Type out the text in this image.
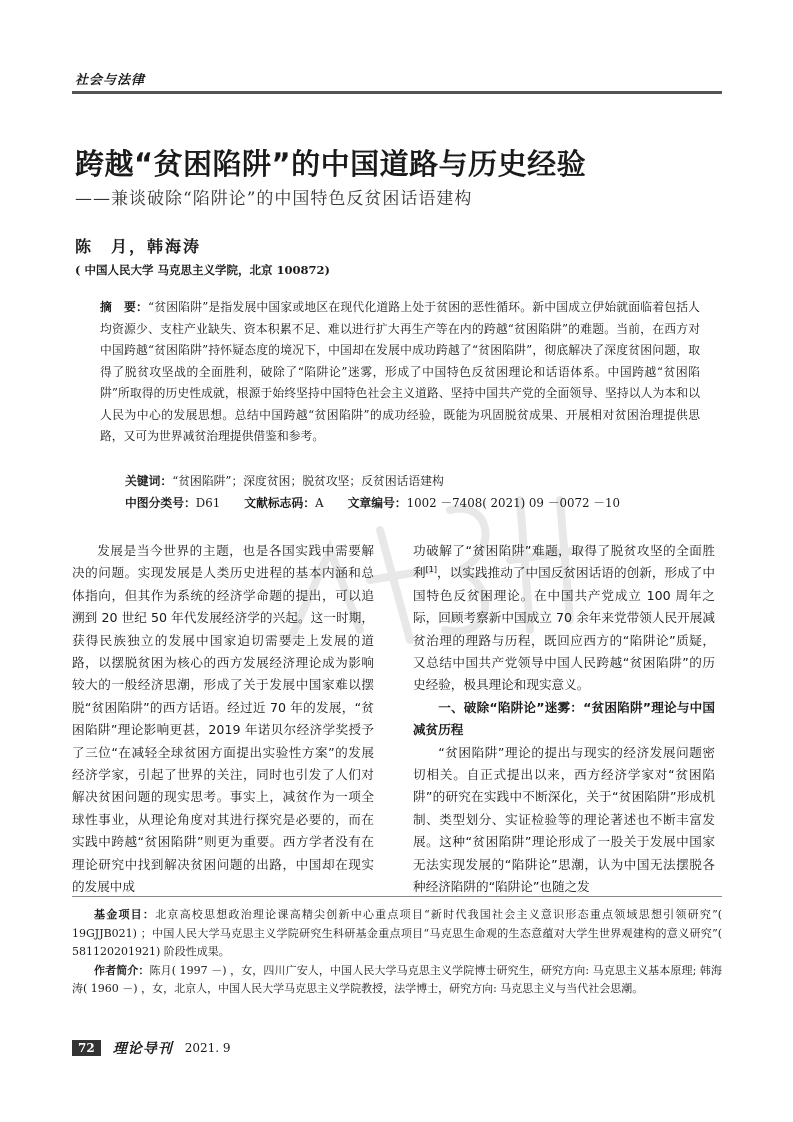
社会与法律
跨越“贫困陷阱”的中国道路与历史经验
——兼谈破除“陷阱论”的中国特色反贫困话语建构
陈　月，韩海涛
( 中国人民大学 马克思主义学院，北京 100872)
摘　要：“贫困陷阱”是指发展中国家或地区在现代化道路上处于贫困的恶性循环。新中国成立伊始就面临着包括人均资源少、支柱产业缺失、资本积累不足、难以进行扩大再生产等在内的跨越“贫困陷阱”的难题。当前，在西方对中国跨越“贫困陷阱”持怀疑态度的境况下，中国却在发展中成功跨越了“贫困陷阱”，彻底解决了深度贫困问题，取得了脱贫攻坚战的全面胜利，破除了“陷阱论”迷雾，形成了中国特色反贫困理论和话语体系。中国跨越“贫困陷阱”所取得的历史性成就，根源于始终坚持中国特色社会主义道路、坚持中国共产党的全面领导、坚持以人为本和以人民为中心的发展思想。总结中国跨越“贫困陷阱”的成功经验，既能为巩固脱贫成果、开展相对贫困治理提供思路，又可为世界减贫治理提供借鉴和参考。
关键词：“贫困陷阱”；深度贫困；脱贫攻坚；反贫困话语建构
中图分类号：D61 文献标志码：A 文章编号：1002 －7408( 2021) 09 －0072 －10

发展是当今世界的主题，也是各国实践中需要解决的问题。实现发展是人类历史进程的基本内涵和总体指向，但其作为系统的经济学命题的提出，可以追溯到 20 世纪 50 年代发展经济学的兴起。这一时期，获得民族独立的发展中国家迫切需要走上发展的道路，以摆脱贫困为核心的西方发展经济理论成为影响较大的一般经济思潮，形成了关于发展中国家难以摆脱“贫困陷阱”的西方话语。经过近 70 年的发展，“贫困陷阱”理论影响更甚，2019 年诺贝尔经济学奖授予了三位“在减轻全球贫困方面提出实验性方案”的发展经济学家，引起了世界的关注，同时也引发了人们对解决贫困问题的现实思考。事实上，减贫作为一项全球性事业，从理论角度对其进行探究是必要的，而在实践中跨越“贫困陷阱”则更为重要。西方学者没有在理论研究中找到解决贫困问题的出路，中国却在现实的发展中成

功破解了“贫困陷阱”难题，取得了脱贫攻坚的全面胜利[1]，以实践推动了中国反贫困话语的创新，形成了中国特色反贫困理论。在中国共产党成立 100 周年之际，回顾考察新中国成立 70 余年来党带领人民开展减贫治理的理路与历程，既回应西方的“陷阱论”质疑，又总结中国共产党领导中国人民跨越“贫困陷阱”的历史经验，极具理论和现实意义。

一、破除“陷阱论”迷雾：“贫困陷阱”理论与中国减贫历程

“贫困陷阱”理论的提出与现实的经济发展问题密切相关。自正式提出以来，西方经济学家对“贫困陷阱”的研究在实践中不断深化，关于“贫困陷阱”形成机制、类型划分、实证检验等的理论著述也不断丰富发展。这种“贫困陷阱”理论形成了一股关于发展中国家无法实现发展的“陷阱论”思潮，认为中国无法摆脱各种经济陷阱的“陷阱论”也随之发

基金项目：北京高校思想政治理论课高精尖创新中心重点项目“新时代我国社会主义意识形态重点领域思想引领研究”( 19GJJB021) ；中国人民大学马克思主义学院研究生科研基金重点项目“马克思生命观的生态意蕴对大学生世界观建构的意义研究”( 581120201921) 阶段性成果。

作者简介：陈月( 1997 －) ，女，四川广安人，中国人民大学马克思主义学院博士研究生，研究方向: 马克思主义基本原理; 韩海涛( 1960 －) ，女，北京人，中国人民大学马克思主义学院教授，法学博士，研究方向: 马克思主义与当代社会思潮。

72	理论导刊 2021. 9
